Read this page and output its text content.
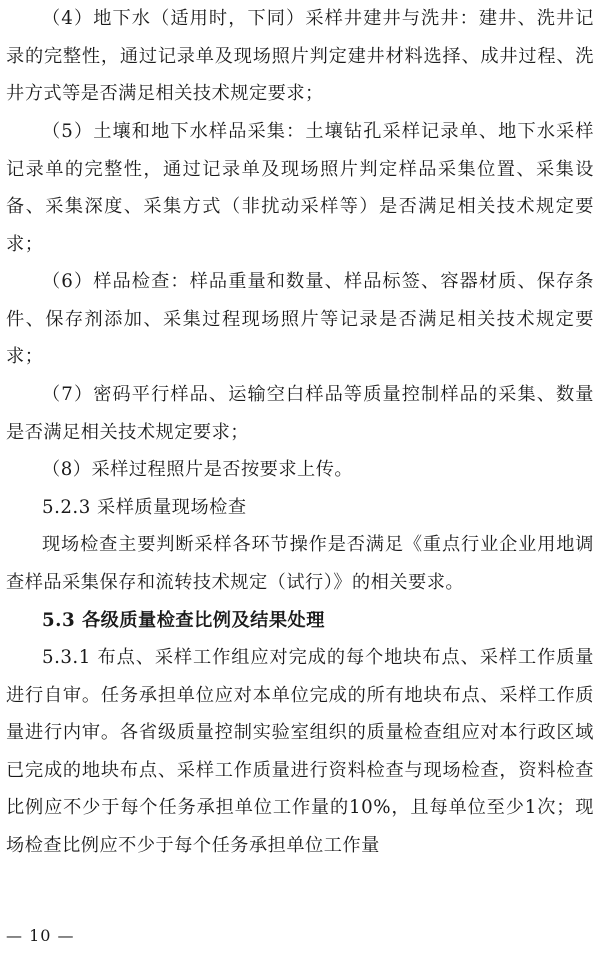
（4）地下水（适用时，下同）采样井建井与洗井：建井、洗井记录的完整性，通过记录单及现场照片判定建井材料选择、成井过程、洗井方式等是否满足相关技术规定要求；

（5）土壤和地下水样品采集：土壤钻孔采样记录单、地下水采样记录单的完整性，通过记录单及现场照片判定样品采集位置、采集设备、采集深度、采集方式（非扰动采样等）是否满足相关技术规定要求；

（6）样品检查：样品重量和数量、样品标签、容器材质、保存条件、保存剂添加、采集过程现场照片等记录是否满足相关技术规定要求；

（7）密码平行样品、运输空白样品等质量控制样品的采集、数量是否满足相关技术规定要求；

（8）采样过程照片是否按要求上传。

5.2.3 采样质量现场检查

现场检查主要判断采样各环节操作是否满足《重点行业企业用地调查样品采集保存和流转技术规定（试行）》的相关要求。

5.3 各级质量检查比例及结果处理

5.3.1 布点、采样工作组应对完成的每个地块布点、采样工作质量进行自审。任务承担单位应对本单位完成的所有地块布点、采样工作质量进行内审。各省级质量控制实验室组织的质量检查组应对本行政区域已完成的地块布点、采样工作质量进行资料检查与现场检查，资料检查比例应不少于每个任务承担单位工作量的10%，且每单位至少1次；现场检查比例应不少于每个任务承担单位工作量

— 10 —
